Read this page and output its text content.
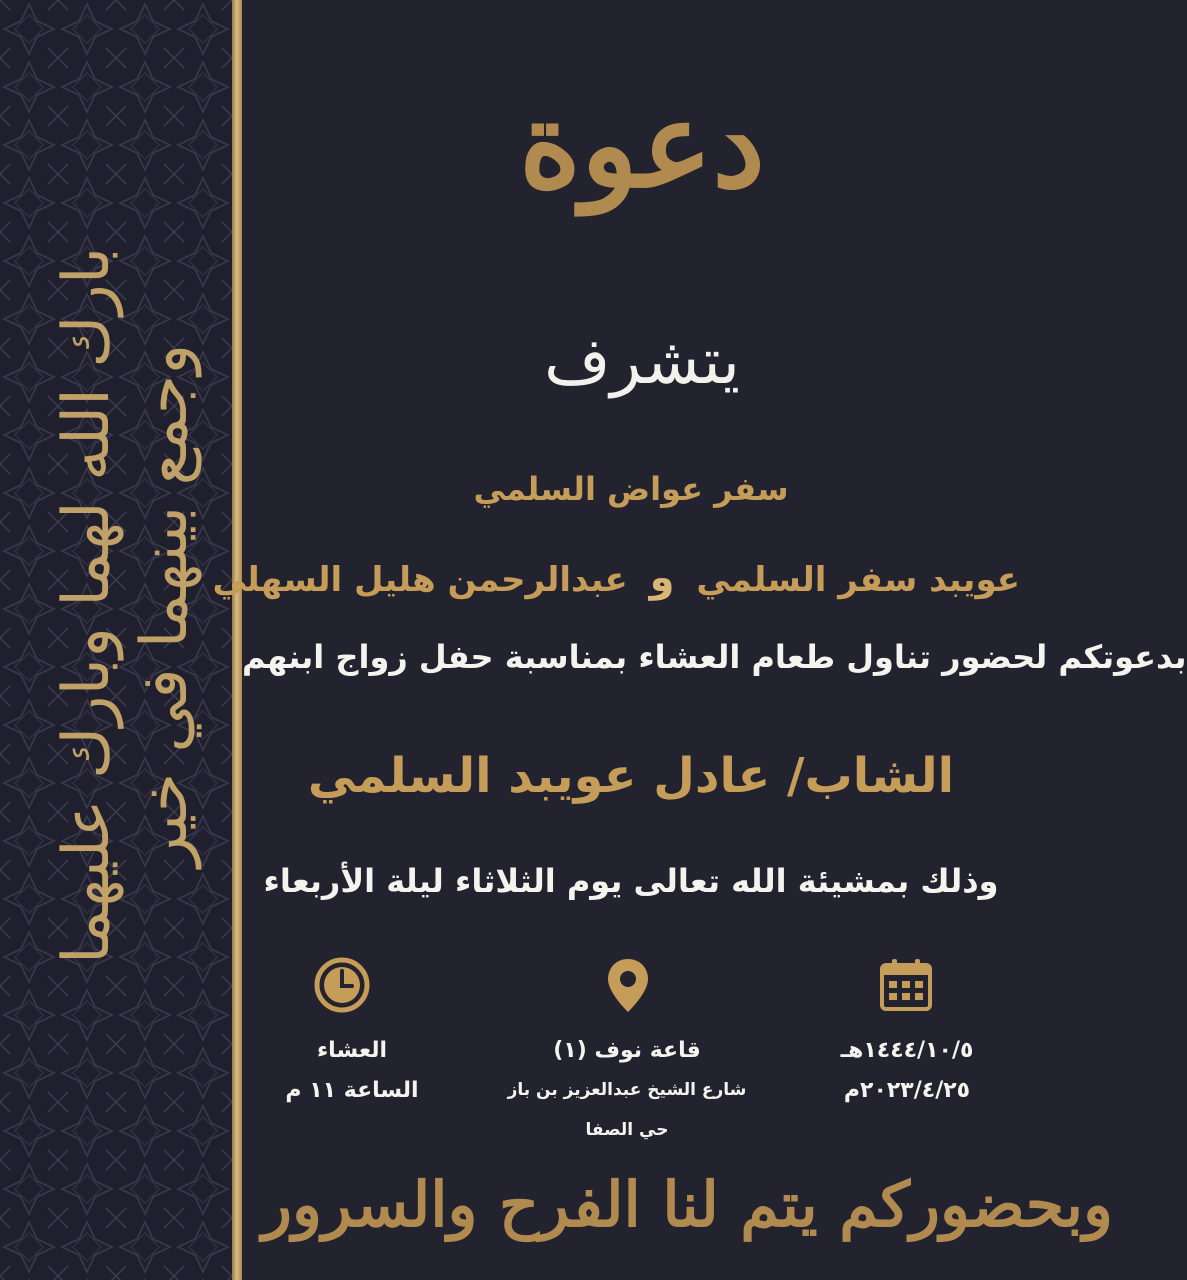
بارك الله لهما وبارك عليهما وجمع بينهما في خير
دعوة
يتشرف
سفر عواض السلمي
عويبد سفر السلمي و عبدالرحمن هليل السهلي
بدعوتكم لحضور تناول طعام العشاء بمناسبة حفل زواج ابنهم
الشاب/ عادل عويبد السلمي
وذلك بمشيئة الله تعالى يوم الثلاثاء ليلة الأربعاء
١٤٤٤/١٠/٥هـ
٢٠٢٣/٤/٢٥م
قاعة نوف (١)
شارع الشيخ عبدالعزيز بن باز
حي الصفا
العشاء
الساعة ١١ م
وبحضوركم يتم لنا الفرح والسرور
